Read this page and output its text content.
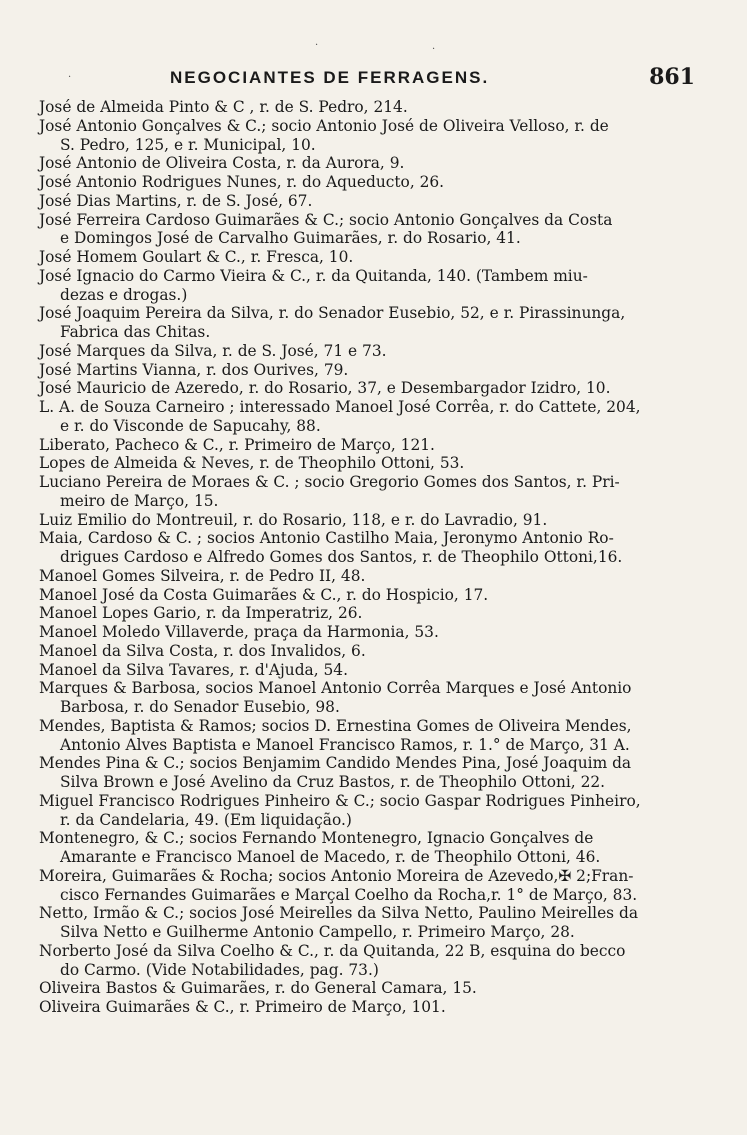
NEGOCIANTES DE FERRAGENS.	861
José de Almeida Pinto & C , r. de S. Pedro, 214.
José Antonio Gonçalves & C.; socio Antonio José de Oliveira Velloso, r. de
S. Pedro, 125, e r. Municipal, 10.
José Antonio de Oliveira Costa, r. da Aurora, 9.
José Antonio Rodrigues Nunes, r. do Aqueducto, 26.
José Dias Martins, r. de S. José, 67.
José Ferreira Cardoso Guimarães & C.; socio Antonio Gonçalves da Costa
e Domingos José de Carvalho Guimarães, r. do Rosario, 41.
José Homem Goulart & C., r. Fresca, 10.
José Ignacio do Carmo Vieira & C., r. da Quitanda, 140. (Tambem miu-
dezas e drogas.)
José Joaquim Pereira da Silva, r. do Senador Eusebio, 52, e r. Pirassinunga,
Fabrica das Chitas.
José Marques da Silva, r. de S. José, 71 e 73.
José Martins Vianna, r. dos Ourives, 79.
José Mauricio de Azeredo, r. do Rosario, 37, e Desembargador Izidro, 10.
L. A. de Souza Carneiro ; interessado Manoel José Corrêa, r. do Cattete, 204,
e r. do Visconde de Sapucahy, 88.
Liberato, Pacheco & C., r. Primeiro de Março, 121.
Lopes de Almeida & Neves, r. de Theophilo Ottoni, 53.
Luciano Pereira de Moraes & C. ; socio Gregorio Gomes dos Santos, r. Pri-
meiro de Março, 15.
Luiz Emilio do Montreuil, r. do Rosario, 118, e r. do Lavradio, 91.
Maia, Cardoso & C. ; socios Antonio Castilho Maia, Jeronymo Antonio Ro-
drigues Cardoso e Alfredo Gomes dos Santos, r. de Theophilo Ottoni,16.
Manoel Gomes Silveira, r. de Pedro II, 48.
Manoel José da Costa Guimarães & C., r. do Hospicio, 17.
Manoel Lopes Gario, r. da Imperatriz, 26.
Manoel Moledo Villaverde, praça da Harmonia, 53.
Manoel da Silva Costa, r. dos Invalidos, 6.
Manoel da Silva Tavares, r. d'Ajuda, 54.
Marques & Barbosa, socios Manoel Antonio Corrêa Marques e José Antonio
Barbosa, r. do Senador Eusebio, 98.
Mendes, Baptista & Ramos; socios D. Ernestina Gomes de Oliveira Mendes,
Antonio Alves Baptista e Manoel Francisco Ramos, r. 1.° de Março, 31 A.
Mendes Pina & C.; socios Benjamim Candido Mendes Pina, José Joaquim da
Silva Brown e José Avelino da Cruz Bastos, r. de Theophilo Ottoni, 22.
Miguel Francisco Rodrigues Pinheiro & C.; socio Gaspar Rodrigues Pinheiro,
r. da Candelaria, 49. (Em liquidação.)
Montenegro, & C.; socios Fernando Montenegro, Ignacio Gonçalves de
Amarante e Francisco Manoel de Macedo, r. de Theophilo Ottoni, 46.
Moreira, Guimarães & Rocha; socios Antonio Moreira de Azevedo,✠ 2;Fran-
cisco Fernandes Guimarães e Marçal Coelho da Rocha,r. 1° de Março, 83.
Netto, Irmão & C.; socios José Meirelles da Silva Netto, Paulino Meirelles da
Silva Netto e Guilherme Antonio Campello, r. Primeiro Março, 28.
Norberto José da Silva Coelho & C., r. da Quitanda, 22 B, esquina do becco
do Carmo. (Vide Notabilidades, pag. 73.)
Oliveira Bastos & Guimarães, r. do General Camara, 15.
Oliveira Guimarães & C., r. Primeiro de Março, 101.
·
·
·
